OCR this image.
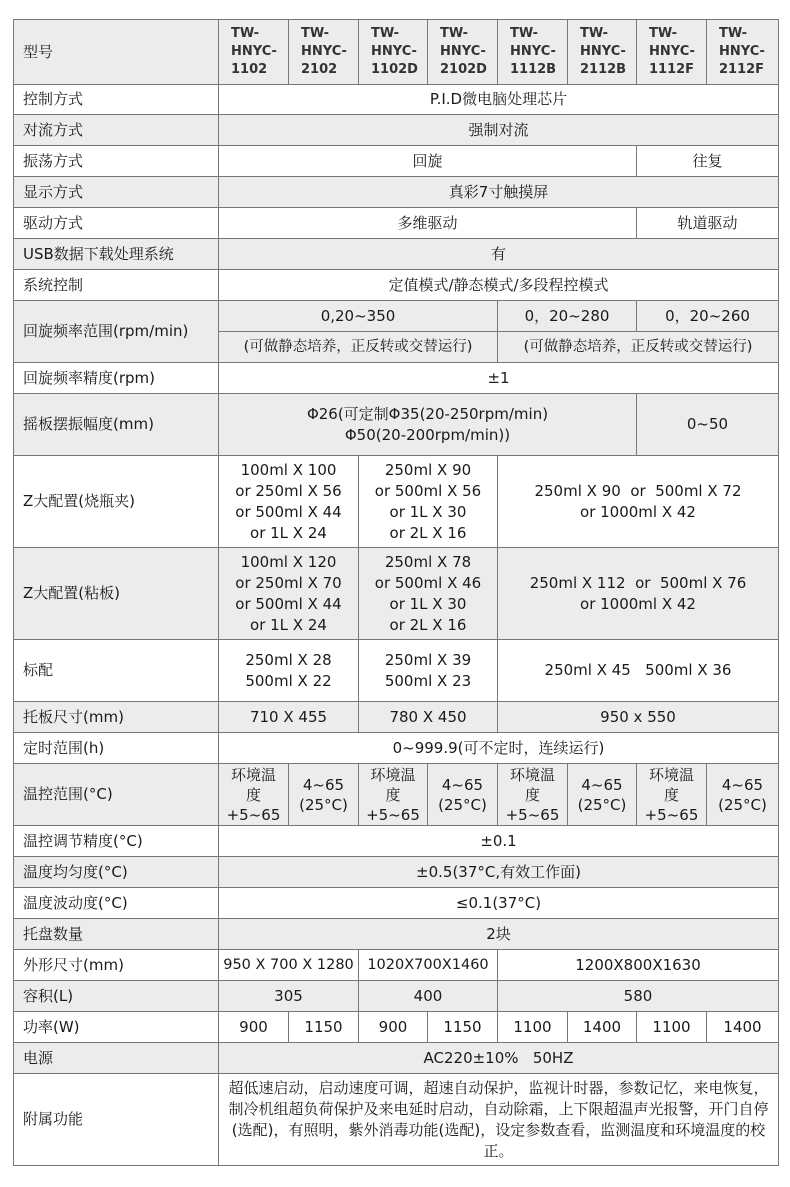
型号	TW-
HNYC-
1102	TW-
HNYC-
2102	TW-
HNYC-
1102D	TW-
HNYC-
2102D	TW-
HNYC-
1112B	TW-
HNYC-
2112B	TW-
HNYC-
1112F	TW-
HNYC-
2112F
控制方式	P.I.D微电脑处理芯片							
对流方式	强制对流							
振荡方式	回旋						往复	
显示方式	真彩7寸触摸屏							
驱动方式	多维驱动						轨道驱动	
USB数据下载处理系统	有							
系统控制	定值模式/静态模式/多段程控模式							
回旋频率范围(rpm/min)	0,20~350				0，20~280		0，20~260	
	(可做静态培养，正反转或交替运行)				(可做静态培养，正反转或交替运行)			
回旋频率精度(rpm)	±1							
摇板摆振幅度(mm)	Φ26(可定制Φ35(20-250rpm/min)
Φ50(20-200rpm/min))						0~50	
Z大配置(烧瓶夹)	100ml X 100
or 250ml X 56
or 500ml X 44
or 1L X 24		250ml X 90
or 500ml X 56
or 1L X 30
or 2L X 16		250ml X 90  or  500ml X 72
or 1000ml X 42			
Z大配置(粘板)	100ml X 120
or 250ml X 70
or 500ml X 44
or 1L X 24		250ml X 78
or 500ml X 46
or 1L X 30
or 2L X 16		250ml X 112  or  500ml X 76
or 1000ml X 42			
标配	250ml X 28
500ml X 22		250ml X 39
500ml X 23		250ml X 45   500ml X 36			
托板尺寸(mm)	710 X 455		780 X 450		950 x 550			
定时范围(h)	0~999.9(可不定时，连续运行)							
温控范围(°C)	环境温
度+5~65	4~65
(25°C)	环境温
度+5~65	4~65
(25°C)	环境温
度+5~65	4~65
(25°C)	环境温
度+5~65	4~65
(25°C)
温控调节精度(°C)	±0.1							
温度均匀度(°C)	±0.5(37°C,有效工作面)							
温度波动度(°C)	≤0.1(37°C)							
托盘数量	2块							
外形尺寸(mm)	950 X 700 X 1280		1020X700X1460		1200X800X1630			
容积(L)	305		400		580			
功率(W)	900	1150	900	1150	1100	1400	1100	1400
电源	AC220±10%   50HZ							
附属功能	超低速启动，启动速度可调，超速自动保护，监视计时器，参数记忆，来电恢复，制冷机组超负荷保护及来电延时启动，自动除霜，上下限超温声光报警，开门自停(选配)，有照明，紫外消毒功能(选配)，设定参数查看，监测温度和环境温度的校正。							
